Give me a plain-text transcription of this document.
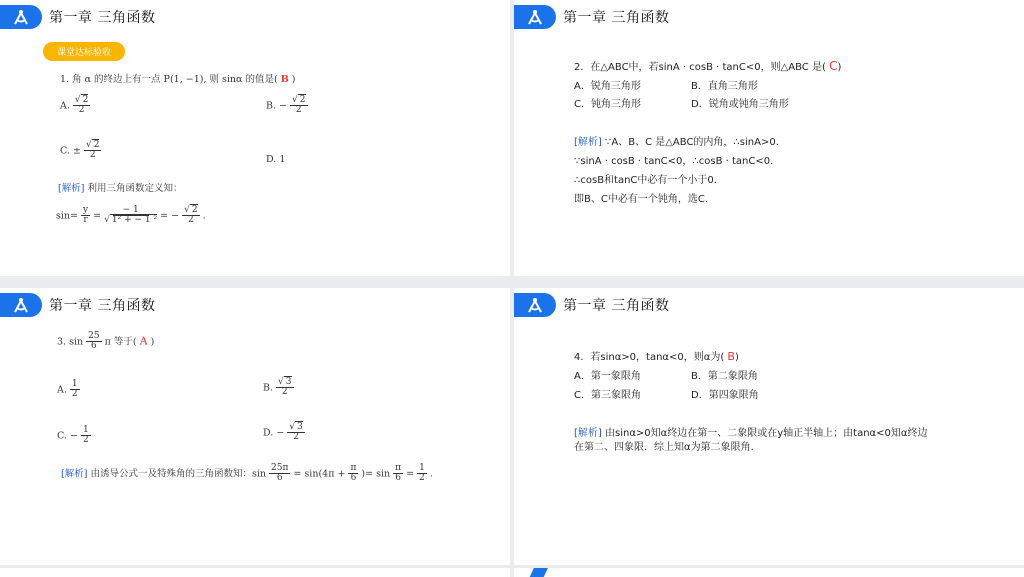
第一章 三角函数
课堂达标验收
1. 角 α 的终边上有一点 P(1, −1), 则 sinα 的值是( B )
A. $\frac{√ 2}{2}$	B. − $\frac{√ 2}{2}$
C. ± $\frac{√ 2}{2}$	D. 1
[解析] 利用三角函数定义知：
$\sin= \frac{y}{r} = \frac{- 1}{\text{√ 1² + − 1 ²}}$ = − $\frac{√ 2}{2}$ .
第一章 三角函数
2．在△ABC中，若sinA · cosB · tanC<0，则△ABC 是( C)
A．锐角三角形	B．直角三角形
C．钝角三角形	D．锐角或钝角三角形
[解析] ∵A、B、C 是△ABC的内角，∴sinA>0.
∵sinA · cosB · tanC<0，∴cosB · tanC<0.
∴cosB和tanC中必有一个小于0.
即B、C中必有一个钝角，选C.
第一章 三角函数
3. $\sin \frac{25}{6}$ π 等于( A )
A. $\frac{1}{2}$	B. $\frac{√ 3}{2}$
C. − $\frac{1}{2}$	D. − $\frac{√ 3}{2}$
[解析] 由诱导公式一及特殊角的三角函数知：$\sin \frac{25\pi}{6} = \sin(4\pi + \frac{\pi}{6}$ )= $\sin \frac{\pi}{6} = \frac{1}{2}$ .
第一章 三角函数
4．若sinα>0，tanα<0，则α为( B)
A．第一象限角	B．第二象限角
C．第三象限角	D．第四象限角
[解析] 由sinα>0知α终边在第一、二象限或在y轴正半轴上；由tanα<0知α终边
在第二、四象限．综上知α为第二象限角.
